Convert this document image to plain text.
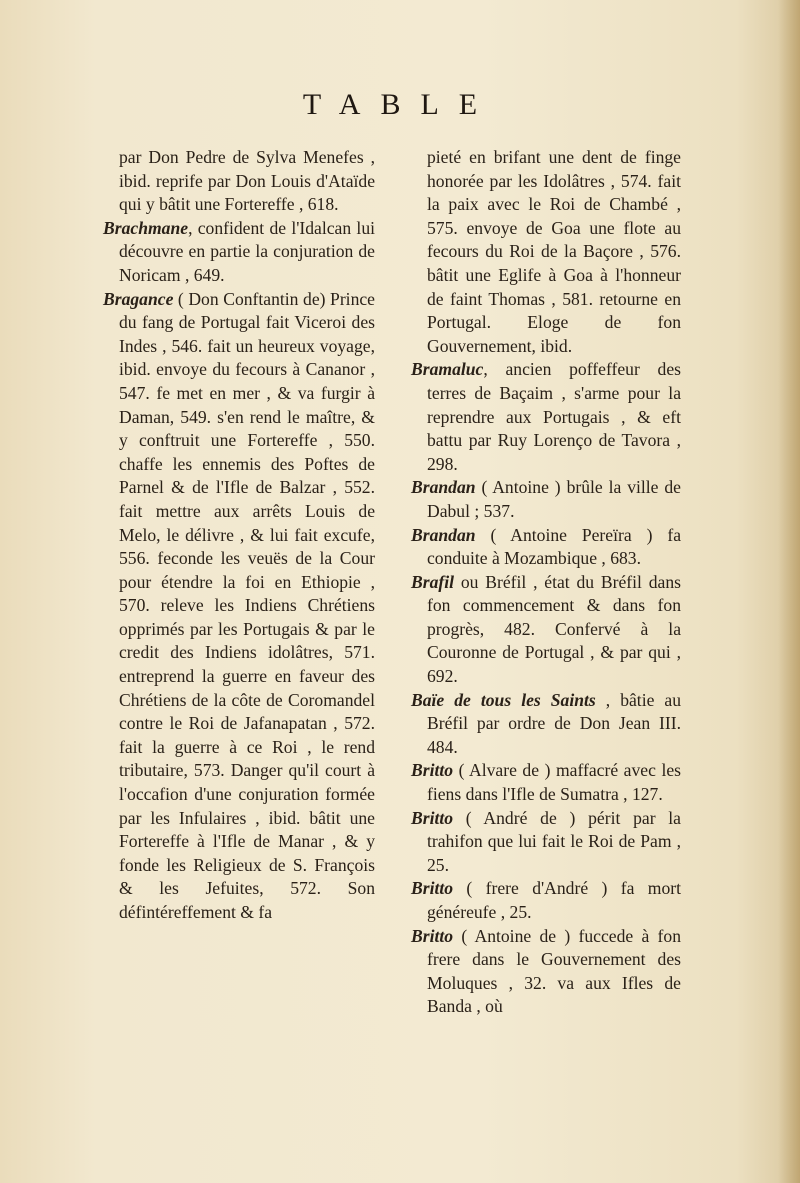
TABLE
par Don Pedre de Sylva Menefes , ibid. reprife par Don Louis d'Ataïde qui y bâtit une Fortereffe , 618.
Brachmane, confident de l'Idalcan lui découvre en partie la conjuration de Noricam , 649.
Bragance ( Don Conftantin de) Prince du fang de Portugal fait Viceroi des Indes , 546. fait un heureux voyage, ibid. envoye du fecours à Cananor , 547. fe met en mer , & va furgir à Daman, 549. s'en rend le maître, & y conftruit une Fortereffe , 550. chaffe les ennemis des Poftes de Parnel & de l'Ifle de Balzar , 552. fait mettre aux arrêts Louis de Melo, le délivre , & lui fait excufe, 556. feconde les veuës de la Cour pour étendre la foi en Ethiopie , 570. releve les Indiens Chrétiens opprimés par les Portugais & par le credit des Indiens idolâtres, 571. entreprend la guerre en faveur des Chrétiens de la côte de Coromandel contre le Roi de Jafanapatan , 572. fait la guerre à ce Roi , le rend tributaire, 573. Danger qu'il court à l'occafion d'une conjuration formée par les Infulaires , ibid. bâtit une Fortereffe à l'Ifle de Manar , & y fonde les Religieux de S. François & les Jefuites, 572. Son défintéreffement & fa
pieté en brifant une dent de finge honorée par les Idolâtres , 574. fait la paix avec le Roi de Chambé , 575. envoye de Goa une flote au fecours du Roi de la Baçore , 576. bâtit une Eglife à Goa à l'honneur de faint Thomas , 581. retourne en Portugal. Eloge de fon Gouvernement, ibid.
Bramaluc, ancien poffeffeur des terres de Baçaim , s'arme pour la reprendre aux Portugais , & eft battu par Ruy Lorenço de Tavora , 298.
Brandan ( Antoine ) brûle la ville de Dabul ; 537.
Brandan ( Antoine Pereïra ) fa conduite à Mozambique , 683.
Brafil ou Bréfil , état du Bréfil dans fon commencement & dans fon progrès, 482. Confervé à la Couronne de Portugal , & par qui , 692.
Baïe de tous les Saints , bâtie au Bréfil par ordre de Don Jean III. 484.
Britto ( Alvare de ) maffacré avec les fiens dans l'Ifle de Sumatra , 127.
Britto ( André de ) périt par la trahifon que lui fait le Roi de Pam , 25.
Britto ( frere d'André ) fa mort généreufe , 25.
Britto ( Antoine de ) fuccede à fon frere dans le Gouvernement des Moluques , 32. va aux Ifles de Banda , où
